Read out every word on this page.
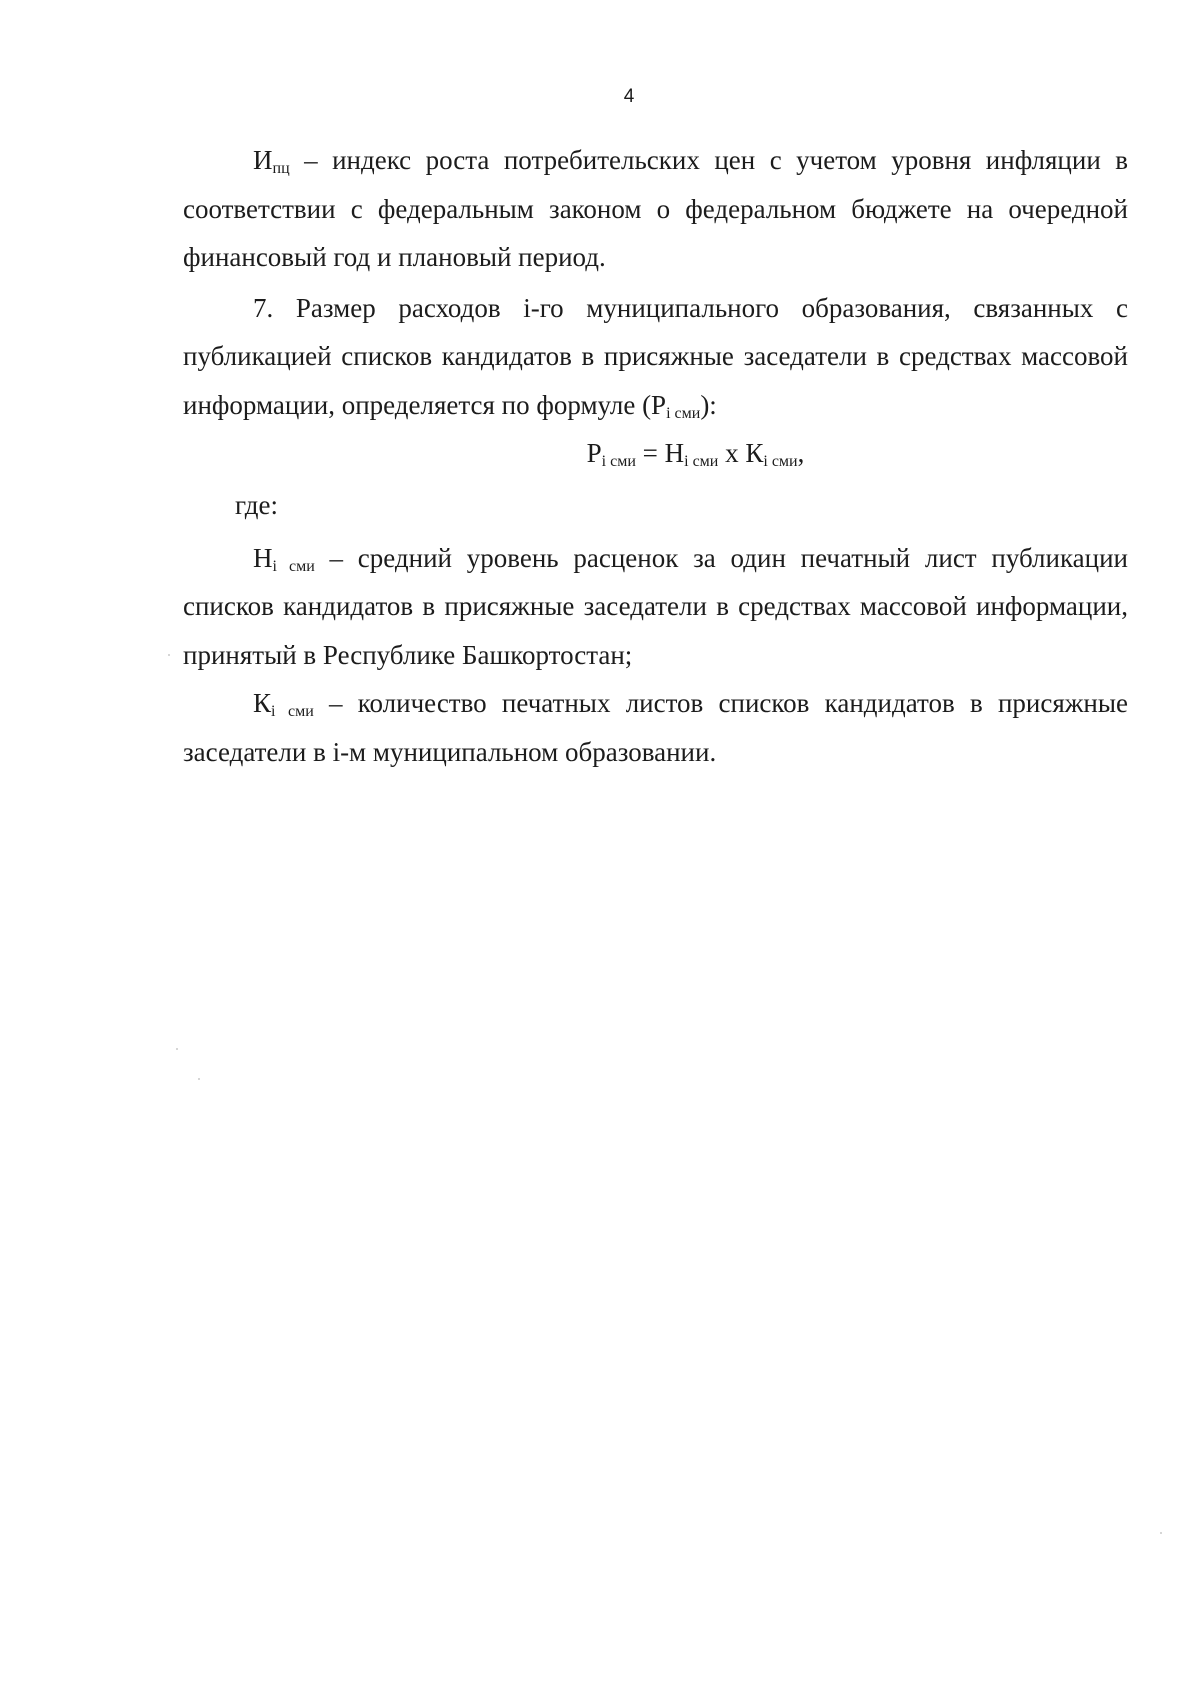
4

$И_{пц}$ – индекс роста потребительских цен с учетом уровня инфляции в соответствии с федеральным законом о федеральном бюджете на очередной финансовый год и плановый период.

7. Размер расходов i-го муниципального образования, связанных с публикацией списков кандидатов в присяжные заседатели в средствах массовой информации, определяется по формуле $(Р_{i сми})$:

$Р_{i сми} = Н_{i сми}$ х $К_{i сми}$,

где:

$Н_{i сми}$ – средний уровень расценок за один печатный лист публикации списков кандидатов в присяжные заседатели в средствах массовой информации, принятый в Республике Башкортостан;

$К_{i сми}$ – количество печатных листов списков кандидатов в присяжные заседатели в i-м муниципальном образовании.
